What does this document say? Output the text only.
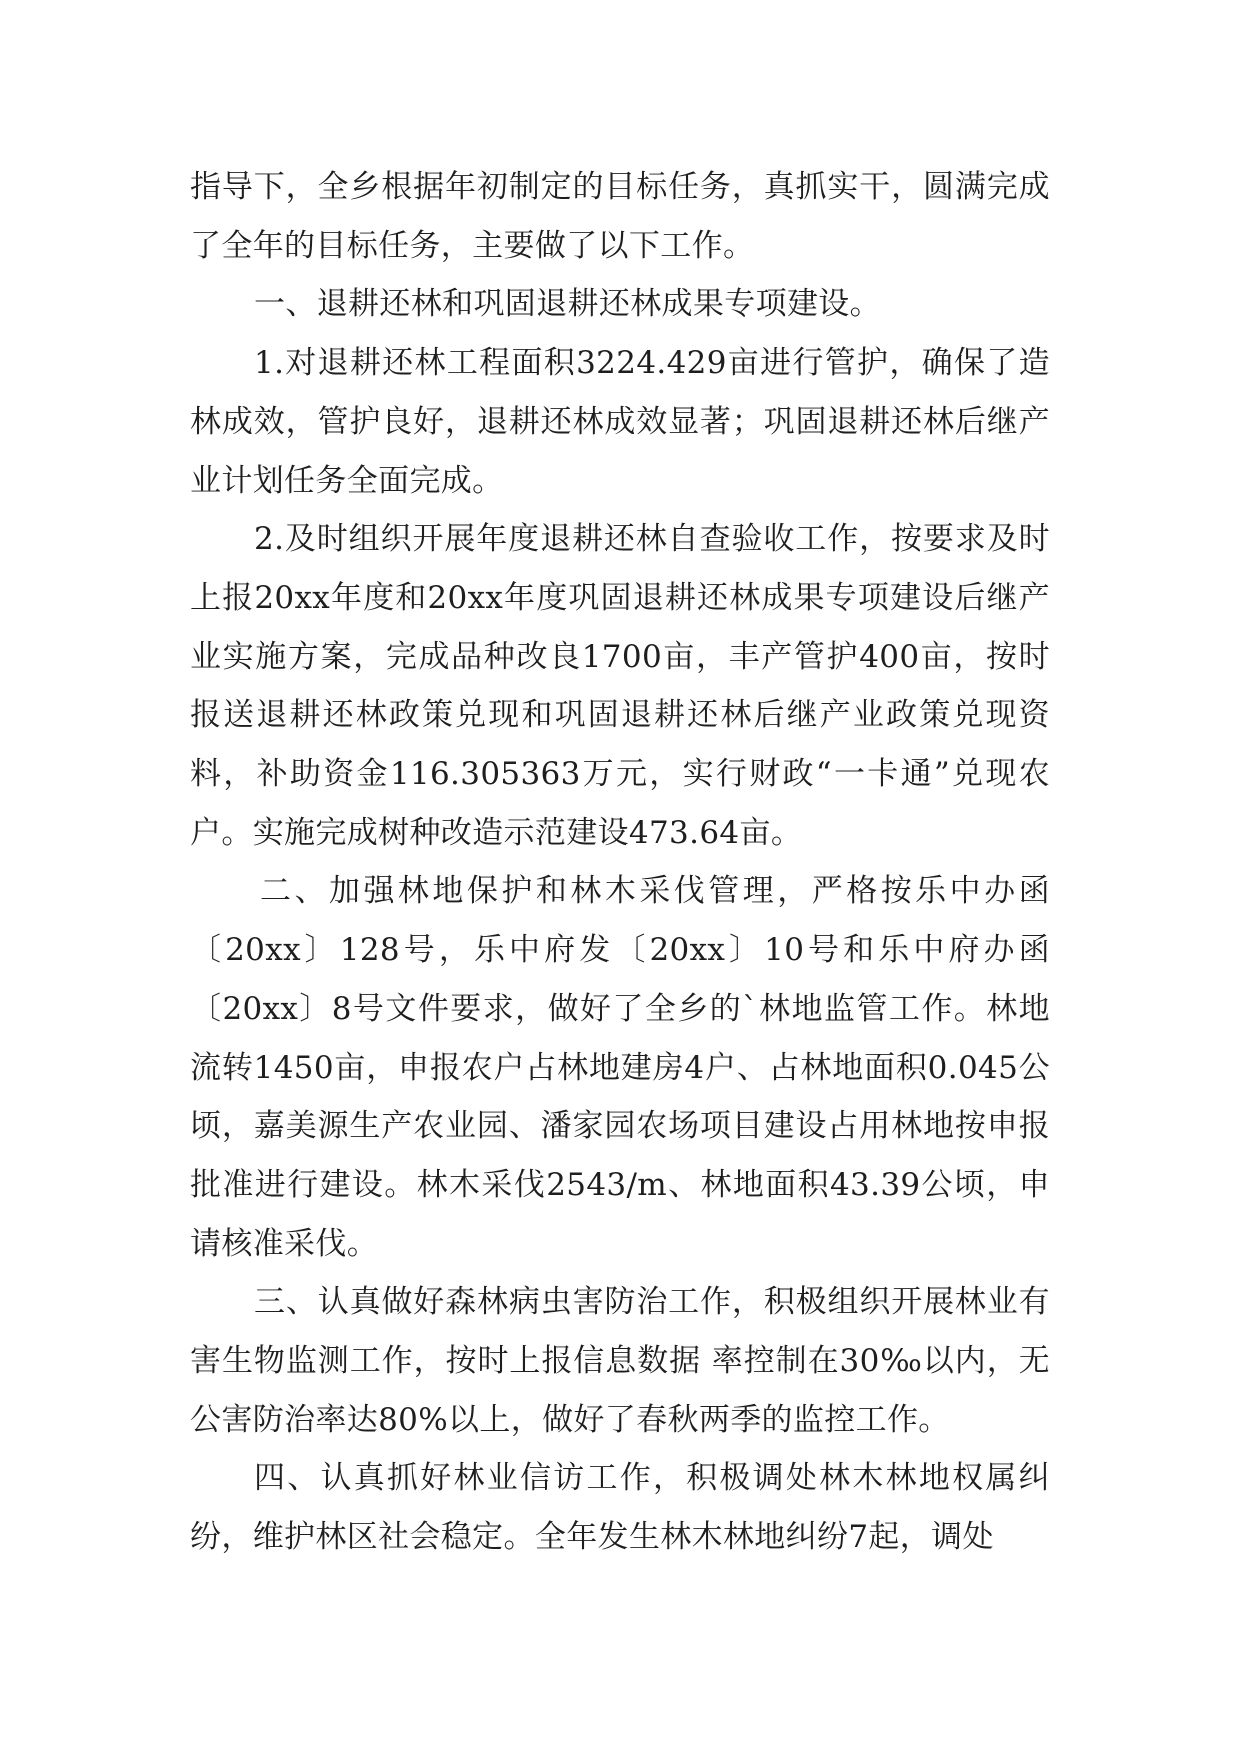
指导下，全乡根据年初制定的目标任务，真抓实干，圆满完成了全年的目标任务，主要做了以下工作。

一、退耕还林和巩固退耕还林成果专项建设。

1.对退耕还林工程面积3224.429亩进行管护，确保了造林成效，管护良好，退耕还林成效显著；巩固退耕还林后继产业计划任务全面完成。

2.及时组织开展年度退耕还林自查验收工作，按要求及时上报20xx年度和20xx年度巩固退耕还林成果专项建设后继产业实施方案，完成品种改良1700亩，丰产管护400亩，按时报送退耕还林政策兑现和巩固退耕还林后继产业政策兑现资料，补助资金116.305363万元，实行财政“一卡通”兑现农户。实施完成树种改造示范建设473.64亩。

二、加强林地保护和林木采伐管理，严格按乐中办函〔20xx〕128号，乐中府发〔20xx〕10号和乐中府办函〔20xx〕8号文件要求，做好了全乡的`林地监管工作。林地流转1450亩，申报农户占林地建房4户、占林地面积0.045公顷，嘉美源生产农业园、潘家园农场项目建设占用林地按申报批准进行建设。林木采伐2543/m、林地面积43.39公顷，申请核准采伐。

三、认真做好森林病虫害防治工作，积极组织开展林业有害生物监测工作，按时上报信息数据 率控制在30‰以内，无公害防治率达80%以上，做好了春秋两季的监控工作。

四、认真抓好林业信访工作，积极调处林木林地权属纠纷，维护林区社会稳定。全年发生林木林地纠纷7起，调处
